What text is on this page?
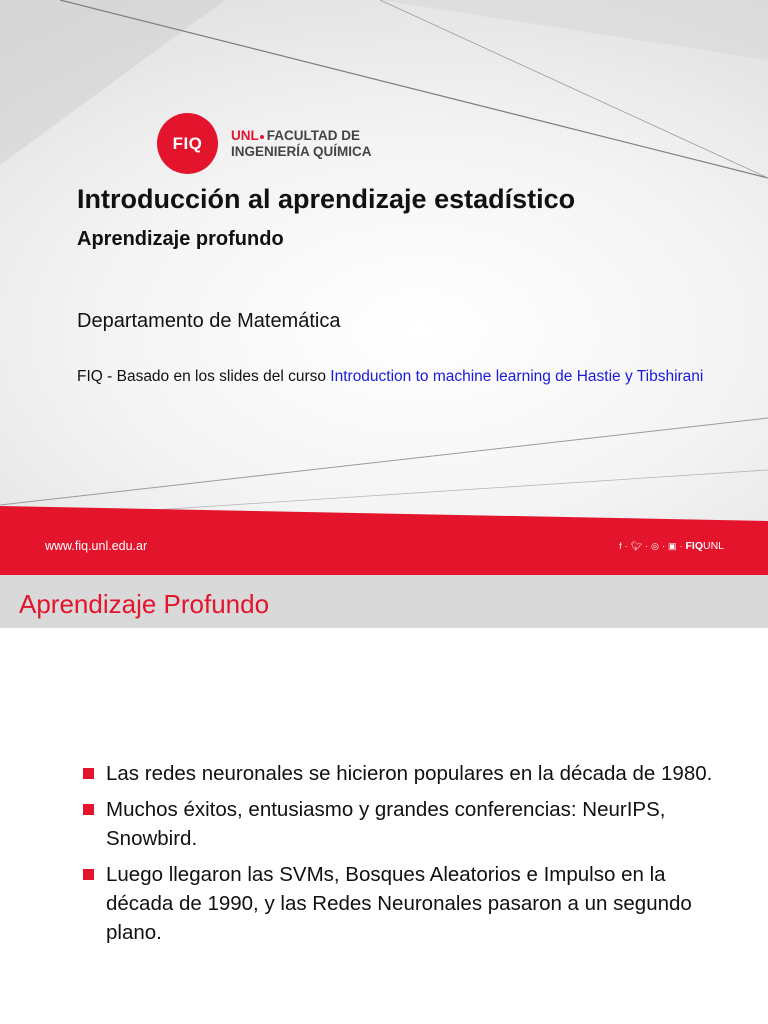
FIQ	UNL FACULTAD DE
INGENIERÍA QUÍMICA
Introducción al aprendizaje estadístico
Aprendizaje profundo
Departamento de Matemática
FIQ - Basado en los slides del curso Introduction to machine learning de Hastie y Tibshirani
www.fiq.unl.edu.ar	f · 🐦︎ · ◎ · ▣ · FIQUNL
Aprendizaje Profundo
Las redes neuronales se hicieron populares en la década de 1980.
Muchos éxitos, entusiasmo y grandes conferencias: NeurIPS, Snowbird.
Luego llegaron las SVMs, Bosques Aleatorios e Impulso en la década de 1990, y las Redes Neuronales pasaron a un segundo plano.
